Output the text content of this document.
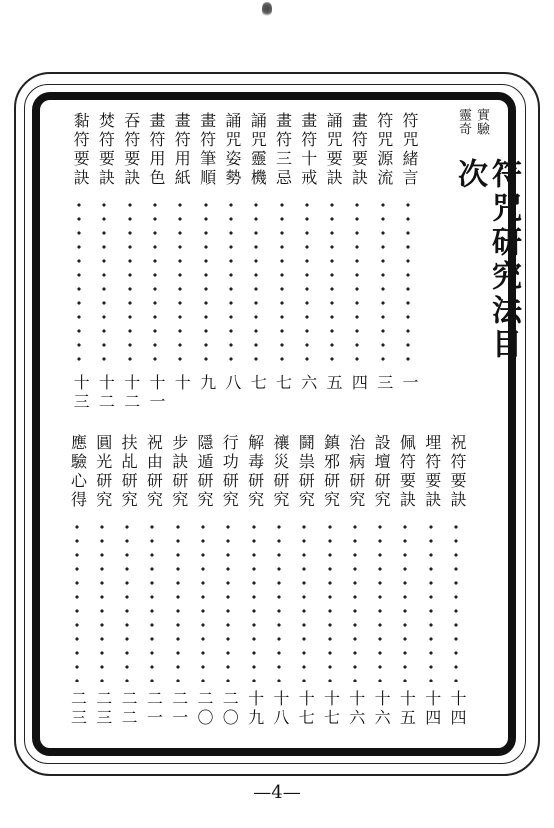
實驗
靈奇
符咒研究法目次
符咒緒言
一
符咒源流
三
畫符要訣
四
誦咒要訣
五
畫符十戒
六
畫符三忌
七
誦咒靈機
七
誦咒姿勢
八
畫符筆順
九
畫符用紙
十
畫符用色
十一
吞符要訣
十二
焚符要訣
十二
黏符要訣
十三
祝符要訣
十四
埋符要訣
十四
佩符要訣
十五
設壇研究
十六
治病研究
十六
鎮邪研究
十七
鬪祟研究
十七
禳災研究
十八
解毒研究
十九
行功研究
二〇
隱遁研究
二〇
步訣研究
二一
祝由研究
二一
扶乩研究
二二
圓光研究
二三
應驗心得
二三
—4—
